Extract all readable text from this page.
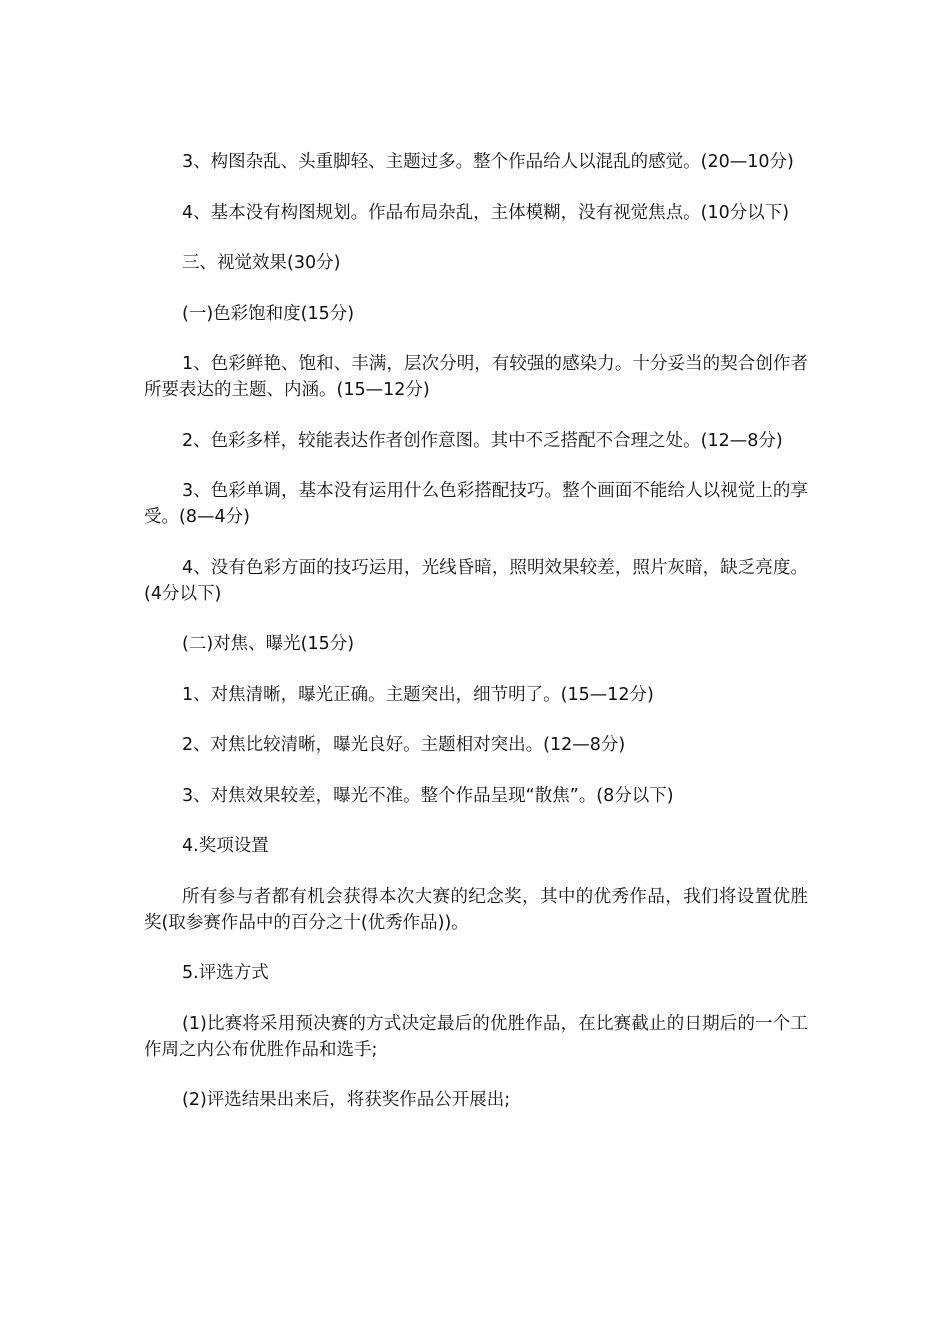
3、构图杂乱、头重脚轻、主题过多。整个作品给人以混乱的感觉。(20—10分)

4、基本没有构图规划。作品布局杂乱，主体模糊，没有视觉焦点。(10分以下)

三、视觉效果(30分)

(一)色彩饱和度(15分)

1、色彩鲜艳、饱和、丰满，层次分明，有较强的感染力。十分妥当的契合创作者所要表达的主题、内涵。(15—12分)

2、色彩多样，较能表达作者创作意图。其中不乏搭配不合理之处。(12—8分)

3、色彩单调，基本没有运用什么色彩搭配技巧。整个画面不能给人以视觉上的享受。(8—4分)

4、没有色彩方面的技巧运用，光线昏暗，照明效果较差，照片灰暗，缺乏亮度。(4分以下)

(二)对焦、曝光(15分)

1、对焦清晰，曝光正确。主题突出，细节明了。(15—12分)

2、对焦比较清晰，曝光良好。主题相对突出。(12—8分)

3、对焦效果较差，曝光不准。整个作品呈现“散焦”。(8分以下)

4.奖项设置

所有参与者都有机会获得本次大赛的纪念奖，其中的优秀作品，我们将设置优胜奖(取参赛作品中的百分之十(优秀作品))。

5.评选方式

(1)比赛将采用预决赛的方式决定最后的优胜作品，在比赛截止的日期后的一个工作周之内公布优胜作品和选手;

(2)评选结果出来后，将获奖作品公开展出;
